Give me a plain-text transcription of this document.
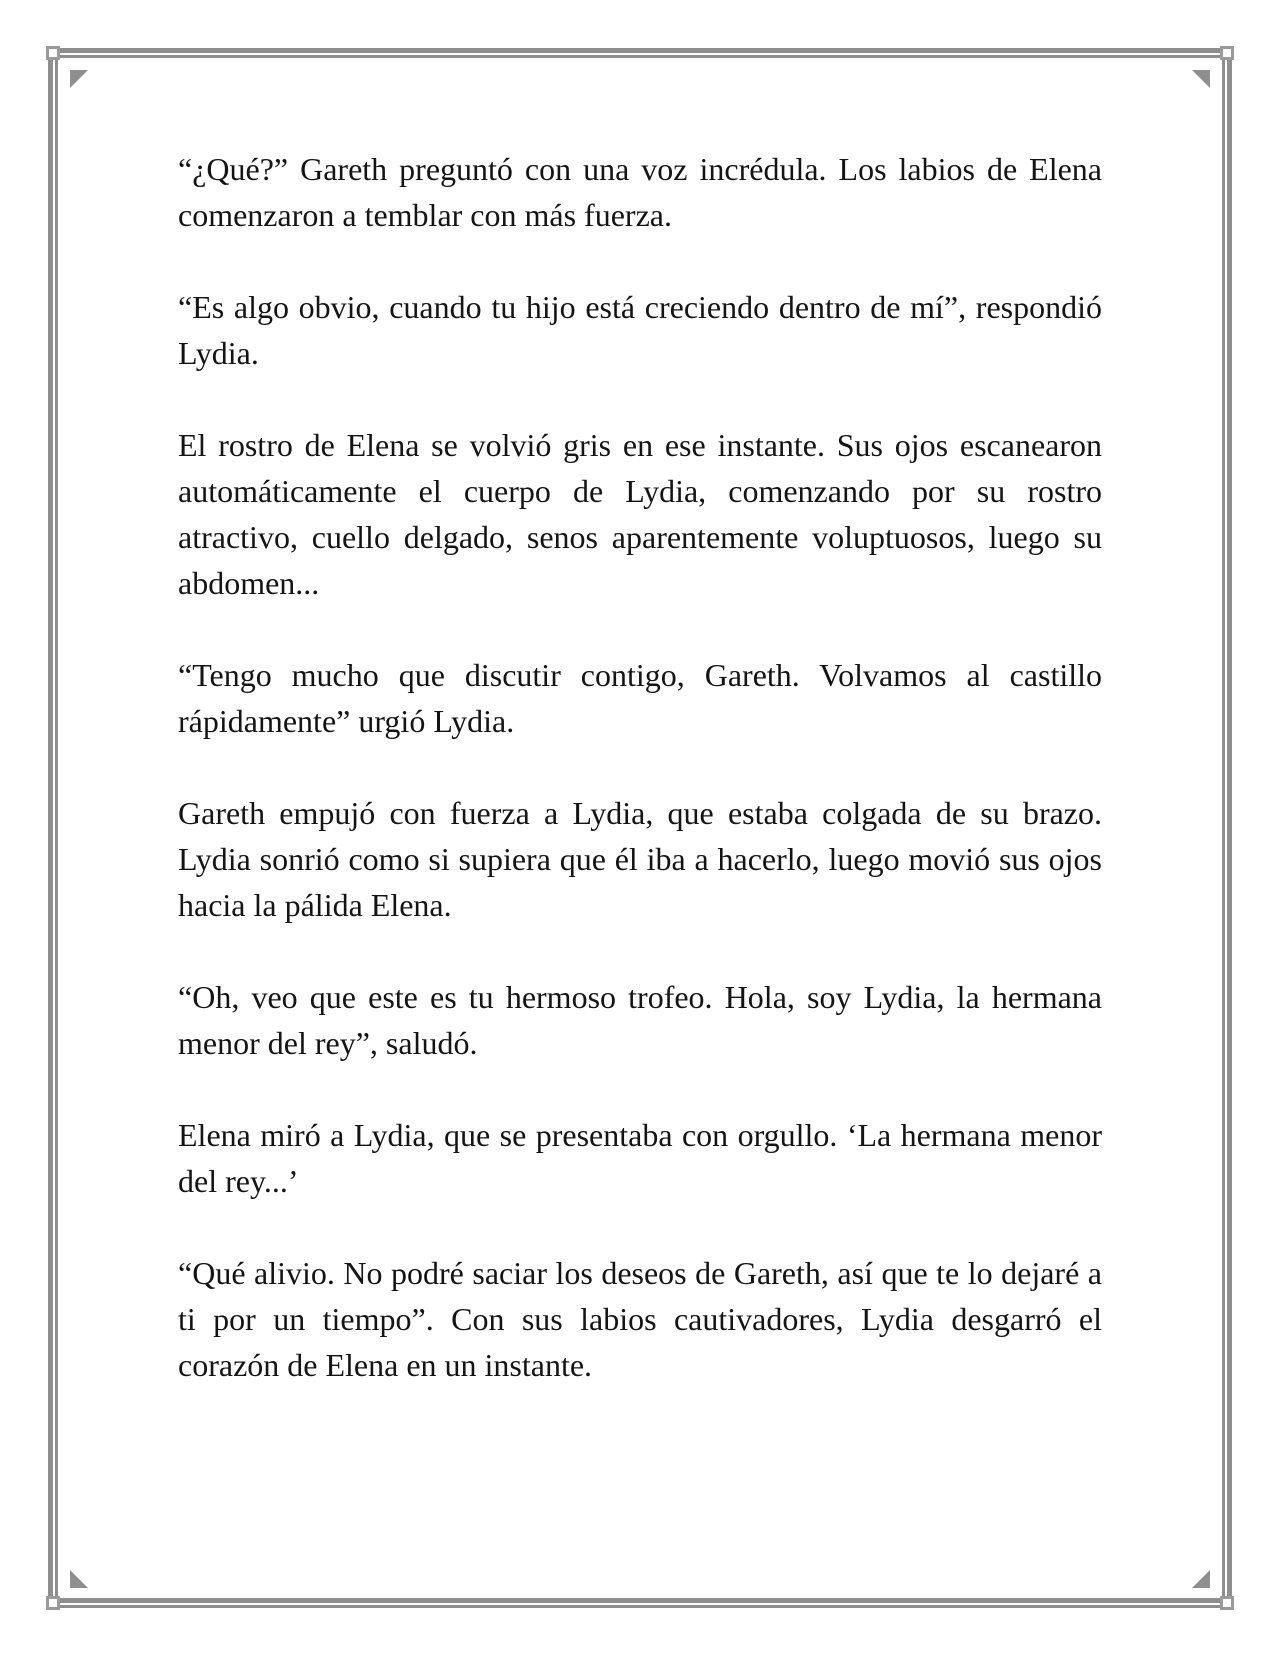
“¿Qué?” Gareth preguntó con una voz incrédula. Los labios de Elena comenzaron a temblar con más fuerza.

“Es algo obvio, cuando tu hijo está creciendo dentro de mí”, respondió Lydia.

El rostro de Elena se volvió gris en ese instante. Sus ojos escanearon automáticamente el cuerpo de Lydia, comenzando por su rostro atractivo, cuello delgado, senos aparentemente voluptuosos, luego su abdomen...

“Tengo mucho que discutir contigo, Gareth. Volvamos al castillo rápidamente” urgió Lydia.

Gareth empujó con fuerza a Lydia, que estaba colgada de su brazo. Lydia sonrió como si supiera que él iba a hacerlo, luego movió sus ojos hacia la pálida Elena.

“Oh, veo que este es tu hermoso trofeo. Hola, soy Lydia, la hermana menor del rey”, saludó.

Elena miró a Lydia, que se presentaba con orgullo. ‘La hermana menor del rey...’

“Qué alivio. No podré saciar los deseos de Gareth, así que te lo dejaré a ti por un tiempo”. Con sus labios cautivadores, Lydia desgarró el corazón de Elena en un instante.
